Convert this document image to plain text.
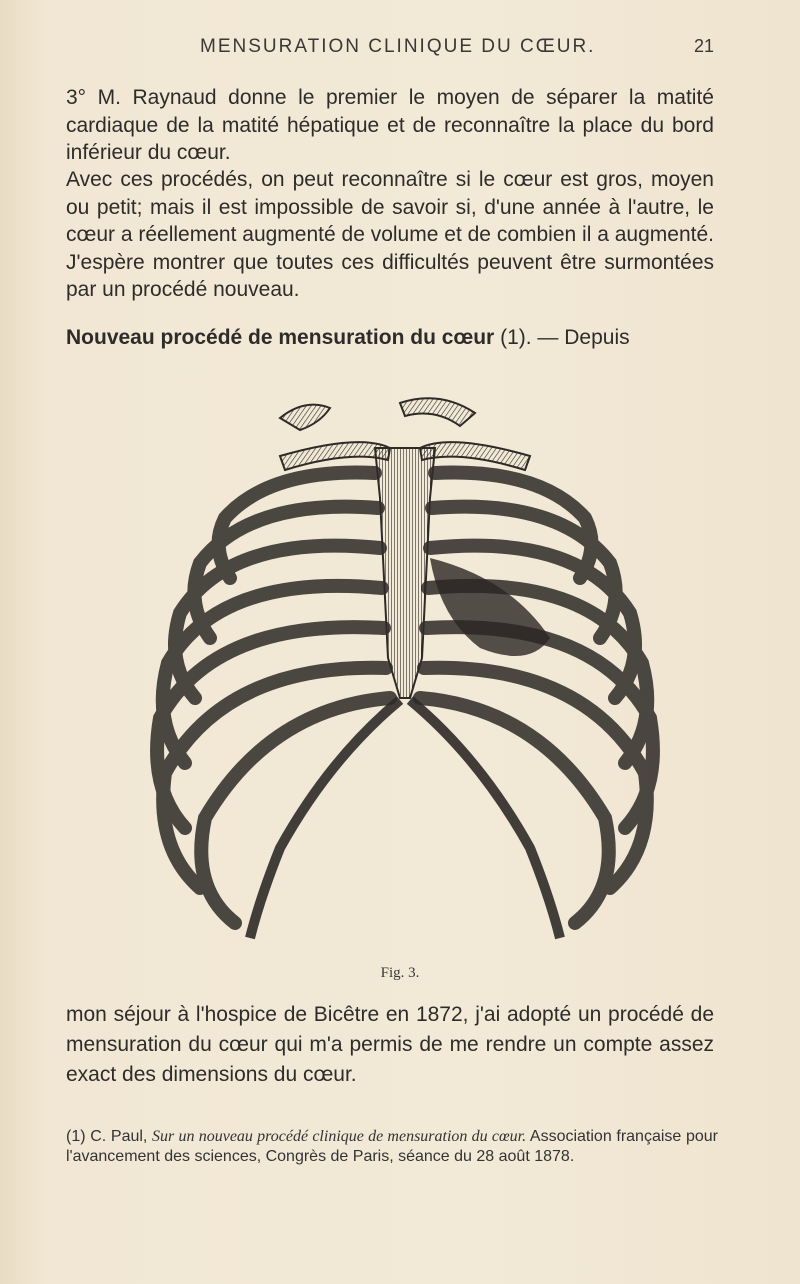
MENSURATION CLINIQUE DU CŒUR.	21
3° M. Raynaud donne le premier le moyen de séparer la matité cardiaque de la matité hépatique et de reconnaître la place du bord inférieur du cœur.
Avec ces procédés, on peut reconnaître si le cœur est gros, moyen ou petit; mais il est impossible de savoir si, d'une année à l'autre, le cœur a réellement augmenté de volume et de combien il a augmenté. J'espère montrer que toutes ces difficultés peuvent être surmontées par un procédé nouveau.
Nouveau procédé de mensuration du cœur (1). — Depuis
Fig. 3.
mon séjour à l'hospice de Bicêtre en 1872, j'ai adopté un procédé de mensuration du cœur qui m'a permis de me rendre un compte assez exact des dimensions du cœur.
(1) C. Paul, Sur un nouveau procédé clinique de mensuration du cœur. Association française pour l'avancement des sciences, Congrès de Paris, séance du 28 août 1878.
